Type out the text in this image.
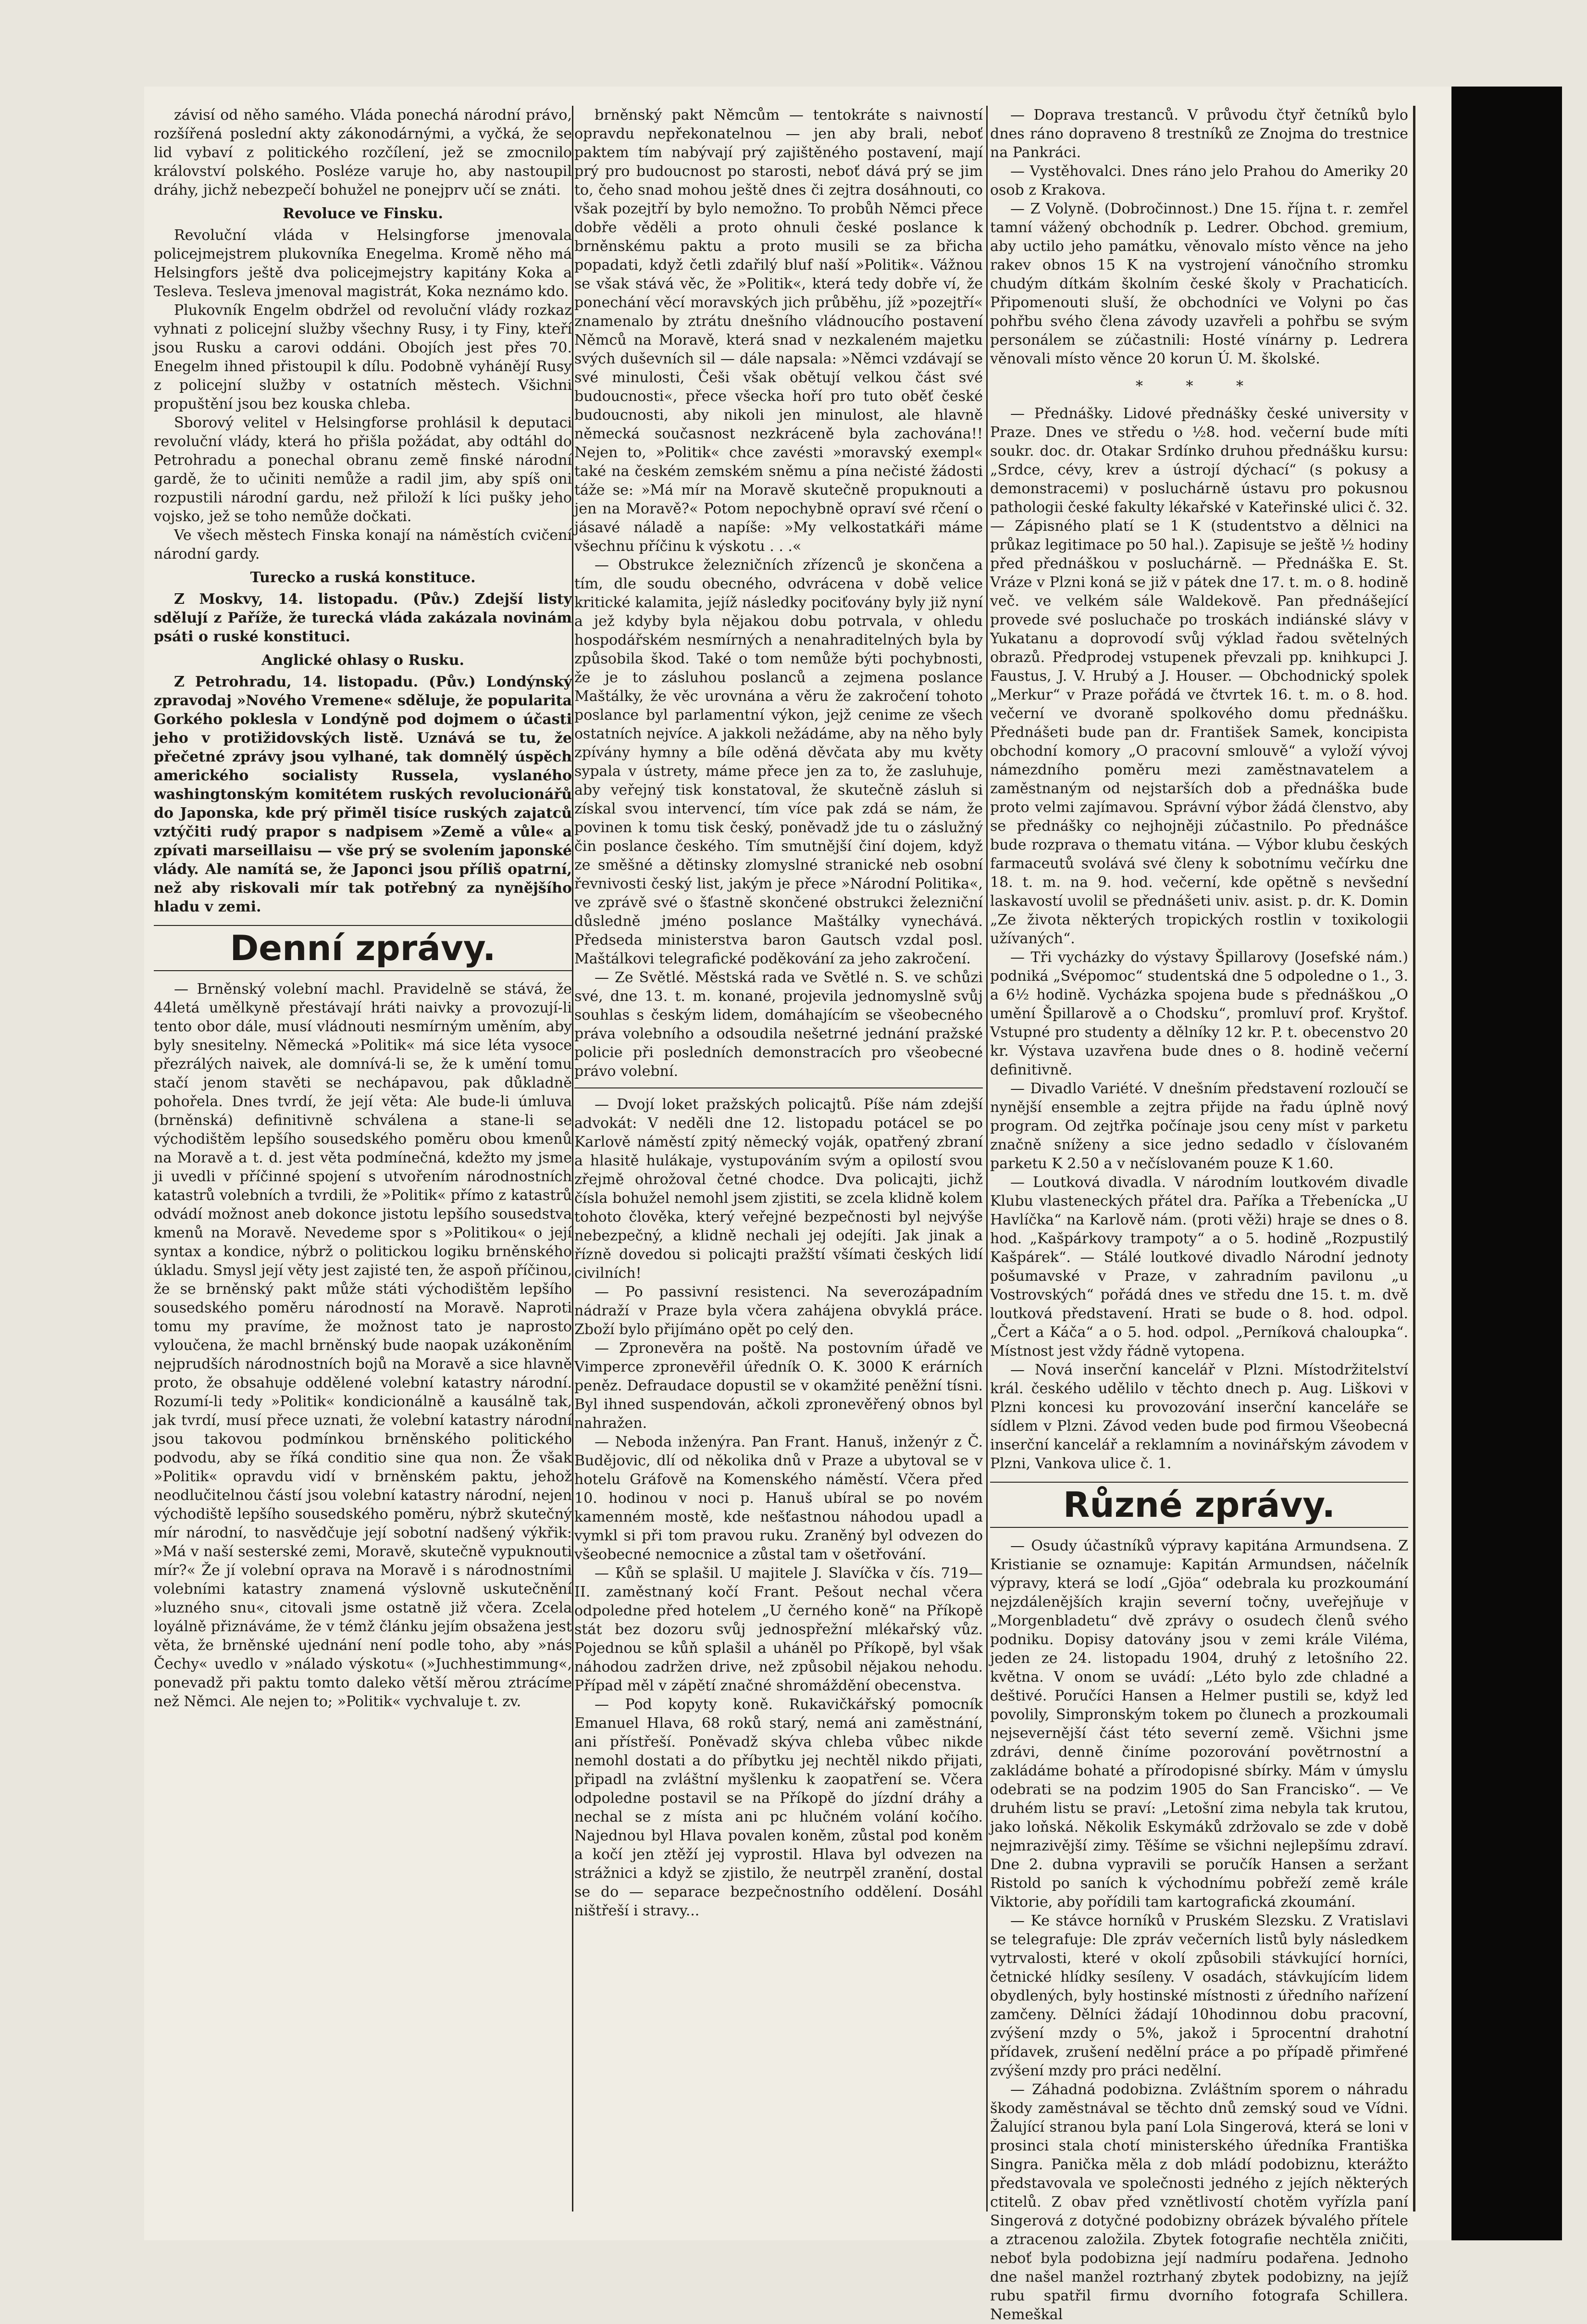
závisí od něho samého. Vláda ponechá národní právo, rozšířená poslední akty zákonodárnými, a vyčká, že se lid vybaví z politického rozčílení, jež se zmocnilo království polského. Posléze varuje ho, aby nastoupil dráhy, jichž nebezpečí bohužel ne ponejprv učí se znáti.

Revoluce ve Finsku.

Revoluční vláda v Helsingforse jmenovala policejmejstrem plukovníka Enegelma. Kromě něho má Helsingfors ještě dva policejmejstry kapitány Koka a Tesleva. Tesleva jmenoval magistrát, Koka neznámo kdo.

Plukovník Engelm obdržel od revoluční vlády rozkaz vyhnati z policejní služby všechny Rusy, i ty Finy, kteří jsou Rusku a carovi oddáni. Obojích jest přes 70. Enegelm ihned přistoupil k dílu. Podobně vyhánějí Rusy z policejní služby v ostatních městech. Všichni propuštění jsou bez kouska chleba.

Sborový velitel v Helsingforse prohlásil k deputaci revoluční vlády, která ho přišla požádat, aby odtáhl do Petrohradu a ponechal obranu země finské národní gardě, že to učiniti nemůže a radil jim, aby spíš oni rozpustili národní gardu, než přiloží k líci pušky jeho vojsko, jež se toho nemůže dočkati.

Ve všech městech Finska konají na náměstích cvičení národní gardy.

Turecko a ruská konstituce.

Z Moskvy, 14. listopadu. (Pův.) Zdejší listy sdělují z Paříže, že turecká vláda zakázala novinám psáti o ruské konstituci.

Anglické ohlasy o Rusku.

Z Petrohradu, 14. listopadu. (Pův.) Londýnský zpravodaj »Nového Vremene« sděluje, že popularita Gorkého poklesla v Londýně pod dojmem o účasti jeho v protižidovských listě. Uznává se tu, že přečetné zprávy jsou vylhané, tak domnělý úspěch amerického socialisty Russela, vyslaného washingtonským komitétem ruských revolucionářů do Japonska, kde prý přiměl tisíce ruských zajatců vztýčiti rudý prapor s nadpisem »Země a vůle« a zpívati marseillaisu — vše prý se svolením japonské vlády. Ale namítá se, že Japonci jsou příliš opatrní, než aby riskovali mír tak potřebný za nynějšího hladu v zemi.

Denní zprávy.

— Brněnský volební machl. Pravidelně se stává, že 44letá umělkyně přestávají hráti naivky a provozují-li tento obor dále, musí vládnouti nesmírným uměním, aby byly snesitelny. Německá »Politik« má sice léta vysoce přezrálých naivek, ale domnívá-li se, že k umění tomu stačí jenom stavěti se nechápavou, pak důkladně pohořela. Dnes tvrdí, že její věta: Ale bude-li úmluva (brněnská) definitivně schválena a stane-li se východištěm lepšího sousedského poměru obou kmenů na Moravě a t. d. jest věta podmínečná, kdežto my jsme ji uvedli v příčinné spojení s utvořením národnostních katastrů volebních a tvrdili, že »Politik« přímo z katastrů odvádí možnost aneb dokonce jistotu lepšího sousedstva kmenů na Moravě. Nevedeme spor s »Politikou« o její syntax a kondice, nýbrž o politickou logiku brněnského úkladu. Smysl její věty jest zajisté ten, že aspoň příčinou, že se brněnský pakt může státi východištěm lepšího sousedského poměru národností na Moravě. Naproti tomu my pravíme, že možnost tato je naprosto vyloučena, že machl brněnský bude naopak uzákoněním nejprudších národnostních bojů na Moravě a sice hlavně proto, že obsahuje oddělené volební katastry národní. Rozumí-li tedy »Politik« kondicionálně a kausálně tak, jak tvrdí, musí přece uznati, že volební katastry národní jsou takovou podmínkou brněnského politického podvodu, aby se říká conditio sine qua non. Že však »Politik« opravdu vidí v brněnském paktu, jehož neodlučitelnou částí jsou volební katastry národní, nejen východiště lepšího sousedského poměru, nýbrž skutečný mír národní, to nasvědčuje její sobotní nadšený výkřik: »Má v naší sesterské zemi, Moravě, skutečně vypuknouti mír?« Že jí volební oprava na Moravě i s národnostními volebními katastry znamená výslovně uskutečnění »luzného snu«, citovali jsme ostatně již včera. Zcela loyálně přiznáváme, že v témž článku jejím obsažena jest věta, že brněnské ujednání není podle toho, aby »nás Čechy« uvedlo v »nálado výskotu« (»Juchhestimmung«, ponevadž při paktu tomto daleko větší měrou ztrácíme než Němci. Ale nejen to; »Politik« vychvaluje t. zv.

brněnský pakt Němcům — tentokráte s naivností opravdu nepřekonatelnou — jen aby brali, neboť paktem tím nabývají prý zajištěného postavení, mají prý pro budoucnost po starosti, neboť dává prý se jim to, čeho snad mohou ještě dnes či zejtra dosáhnouti, co však pozejtří by bylo nemožno. To probůh Němci přece dobře věděli a proto ohnuli české poslance k brněnskému paktu a proto musili se za břicha popadati, když četli zdařilý bluf naší »Politik«. Vážnou se však stává věc, že »Politik«, která tedy dobře ví, že ponechání věcí moravských jich průběhu, jíž »pozejtří« znamenalo by ztrátu dnešního vládnoucího postavení Němců na Moravě, která snad v nezkaleném majetku svých duševních sil — dále napsala: »Němci vzdávají se své minulosti, Češi však obětují velkou část své budoucnosti«, přece všecka hoří pro tuto oběť české budoucnosti, aby nikoli jen minulost, ale hlavně německá současnost nezkráceně byla zachována!! Nejen to, »Politik« chce zavésti »moravský exempl« také na českém zemském sněmu a pína nečisté žádosti táže se: »Má mír na Moravě skutečně propuknouti a jen na Moravě?« Potom nepochybně opraví své rčení o jásavé náladě a napíše: »My velkostatkáři máme všechnu příčinu k výskotu . . .«

— Obstrukce železničních zřízenců je skončena a tím, dle soudu obecného, odvrácena v době velice kritické kalamita, jejíž následky pociťovány byly již nyní a jež kdyby byla nějakou dobu potrvala, v ohledu hospodářském nesmírných a nenahraditelných byla by způsobila škod. Také o tom nemůže býti pochybnosti, že je to zásluhou poslanců a zejmena poslance Maštálky, že věc urovnána a věru že zakročení tohoto poslance byl parlamentní výkon, jejž cenime ze všech ostatních nejvíce. A jakkoli nežádáme, aby na něho byly zpívány hymny a bíle oděná děvčata aby mu květy sypala v ústrety, máme přece jen za to, že zasluhuje, aby veřejný tisk konstatoval, že skutečně zásluh si získal svou intervencí, tím více pak zdá se nám, že povinen k tomu tisk český, poněvadž jde tu o záslužný čin poslance českého. Tím smutnější činí dojem, když ze směšné a dětinsky zlomyslné stranické neb osobní řevnivosti český list, jakým je přece »Národní Politika«, ve zprávě své o šťastně skončené obstrukci železniční důsledně jméno poslance Maštálky vynechává. Předseda ministerstva baron Gautsch vzdal posl. Maštálkovi telegrafické poděkování za jeho zakročení.

— Ze Světlé. Městská rada ve Světlé n. S. ve schůzi své, dne 13. t. m. konané, projevila jednomyslně svůj souhlas s českým lidem, domáhajícím se všeobecného práva volebního a odsoudila nešetrné jednání pražské policie při posledních demonstracích pro všeobecné právo volební.

— Dvojí loket pražských policajtů. Píše nám zdejší advokát: V neděli dne 12. listopadu potácel se po Karlově náměstí zpitý německý voják, opatřený zbraní a hlasitě hulákaje, vystupováním svým a opilostí svou zřejmě ohrožoval četné chodce. Dva policajti, jichž čísla bohužel nemohl jsem zjistiti, se zcela klidně kolem tohoto člověka, který veřejné bezpečnosti byl nejvýše nebezpečný, a klidně nechali jej odejíti. Jak jinak a řízně dovedou si policajti pražští všímati českých lidí civilních!

— Po passivní resistenci. Na severozápadním nádraží v Praze byla včera zahájena obvyklá práce. Zboží bylo přijímáno opět po celý den.

— Zpronevěra na poště. Na postovním úřadě ve Vimperce zpronevěřil úředník O. K. 3000 K erárních peněz. Defraudace dopustil se v okamžité peněžní tísni. Byl ihned suspendován, ačkoli zpronevěřený obnos byl nahražen.

— Neboda inženýra. Pan Frant. Hanuš, inženýr z Č. Budějovic, dlí od několika dnů v Praze a ubytoval se v hotelu Gráfově na Komenského náměstí. Včera před 10. hodinou v noci p. Hanuš ubíral se po novém kamenném mostě, kde nešťastnou náhodou upadl a vymkl si při tom pravou ruku. Zraněný byl odvezen do všeobecné nemocnice a zůstal tam v ošetřování.

— Kůň se splašil. U majitele J. Slavíčka v čís. 719—II. zaměstnaný kočí Frant. Pešout nechal včera odpoledne před hotelem „U černého koně“ na Příkopě stát bez dozoru svůj jednospřežní mlékařský vůz. Pojednou se kůň splašil a uháněl po Příkopě, byl však náhodou zadržen drive, než způsobil nějakou nehodu. Případ měl v zápětí značné shromáždění obecenstva.

— Pod kopyty koně. Rukavičkářský pomocník Emanuel Hlava, 68 roků starý, nemá ani zaměstnání, ani přístřeší. Poněvadž skýva chleba vůbec nikde nemohl dostati a do příbytku jej nechtěl nikdo přijati, připadl na zvláštní myšlenku k zaopatření se. Včera odpoledne postavil se na Příkopě do jízdní dráhy a nechal se z místa ani pc hlučném volání kočího. Najednou byl Hlava povalen koněm, zůstal pod koněm a kočí jen ztěží jej vyprostil. Hlava byl odvezen na strážnici a když se zjistilo, že neutrpěl zranění, dostal se do — separace bezpečnostního oddělení. Dosáhl ništřeší i stravy...

— Doprava trestanců. V průvodu čtyř četníků bylo dnes ráno dopraveno 8 trestníků ze Znojma do trestnice na Pankráci.

— Vystěhovalci. Dnes ráno jelo Prahou do Ameriky 20 osob z Krakova.

— Z Volyně. (Dobročinnost.) Dne 15. října t. r. zemřel tamní vážený obchodník p. Ledrer. Obchod. gremium, aby uctilo jeho památku, věnovalo místo věnce na jeho rakev obnos 15 K na vystrojení vánočního stromku chudým dítkám školním české školy v Prachaticích. Připomenouti sluší, že obchodníci ve Volyni po čas pohřbu svého člena závody uzavřeli a pohřbu se svým personálem se zúčastnili: Hosté vínárny p. Ledrera věnovali místo věnce 20 korun Ú. M. školské.

* * *

— Přednášky. Lidové přednášky české university v Praze. Dnes ve středu o ½8. hod. večerní bude míti soukr. doc. dr. Otakar Srdínko druhou přednášku kursu: „Srdce, cévy, krev a ústrojí dýchací“ (s pokusy a demonstracemi) v posluchárně ústavu pro pokusnou pathologii české fakulty lékařské v Kateřinské ulici č. 32. — Zápisného platí se 1 K (studentstvo a dělnici na průkaz legitimace po 50 hal.). Zapisuje se ještě ½ hodiny před přednáškou v posluchárně. — Přednáška E. St. Vráze v Plzni koná se již v pátek dne 17. t. m. o 8. hodině več. ve velkém sále Waldekově. Pan přednášející provede své posluchače po troskách indiánské slávy v Yukatanu a doprovodí svůj výklad řadou světelných obrazů. Předprodej vstupenek převzali pp. knihkupci J. Faustus, J. V. Hrubý a J. Houser. — Obchodnický spolek „Merkur“ v Praze pořádá ve čtvrtek 16. t. m. o 8. hod. večerní ve dvoraně spolkového domu přednášku. Přednášeti bude pan dr. František Samek, koncipista obchodní komory „O pracovní smlouvě“ a vyloží vývoj námezdního poměru mezi zaměstnavatelem a zaměstnaným od nejstarších dob a přednáška bude proto velmi zajímavou. Správní výbor žádá členstvo, aby se přednášky co nejhojněji zúčastnilo. Po přednášce bude rozprava o thematu vitána. — Výbor klubu českých farmaceutů svolává své členy k sobotnímu večírku dne 18. t. m. na 9. hod. večerní, kde opětně s nevšední laskavostí uvolil se přednášeti univ. asist. p. dr. K. Domin „Ze života některých tropických rostlin v toxikologii užívaných“.

— Tři vycházky do výstavy Špillarovy (Josefské nám.) podniká „Svépomoc“ studentská dne 5 odpoledne o 1., 3. a 6½ hodině. Vycházka spojena bude s přednáškou „O umění Špillarově a o Chodsku“, promluví prof. Kryštof. Vstupné pro studenty a dělníky 12 kr. P. t. obecenstvo 20 kr. Výstava uzavřena bude dnes o 8. hodině večerní definitivně.

— Divadlo Variété. V dnešním představení rozloučí se nynější ensemble a zejtra přijde na řadu úplně nový program. Od zejtřka počínaje jsou ceny míst v parketu značně sníženy a sice jedno sedadlo v číslovaném parketu K 2.50 a v nečíslovaném pouze K 1.60.

— Loutková divadla. V národním loutkovém divadle Klubu vlasteneckých přátel dra. Paříka a Třebenícka „U Havlíčka“ na Karlově nám. (proti věži) hraje se dnes o 8. hod. „Kašpárkovy trampoty“ a o 5. hodině „Rozpustilý Kašpárek“. — Stálé loutkové divadlo Národní jednoty pošumavské v Praze, v zahradním pavilonu „u Vostrovských“ pořádá dnes ve středu dne 15. t. m. dvě loutková představení. Hrati se bude o 8. hod. odpol. „Čert a Káča“ a o 5. hod. odpol. „Perníková chaloupka“. Místnost jest vždy řádně vytopena.

— Nová inserční kancelář v Plzni. Místodržitelství král. českého udělilo v těchto dnech p. Aug. Liškovi v Plzni koncesi ku provozování inserční kanceláře se sídlem v Plzni. Závod veden bude pod firmou Všeobecná inserční kancelář a reklamním a novinářským závodem v Plzni, Vankova ulice č. 1.

Různé zprávy.

— Osudy účastníků výpravy kapitána Armundsena. Z Kristianie se oznamuje: Kapitán Armundsen, náčelník výpravy, která se lodí „Gjöa“ odebrala ku prozkoumání nejzdálenějších krajin severní točny, uveřejňuje v „Morgenbladetu“ dvě zprávy o osudech členů svého podniku. Dopisy datovány jsou v zemi krále Viléma, jeden ze 24. listopadu 1904, druhý z letošního 22. května. V onom se uvádí: „Léto bylo zde chladné a deštivé. Poručíci Hansen a Helmer pustili se, když led povolily, Simpronským tokem po člunech a prozkoumali nejsevernější část této severní země. Všichni jsme zdrávi, denně činíme pozorování povětrnostní a zakládáme bohaté a přírodopisné sbírky. Mám v úmyslu odebrati se na podzim 1905 do San Francisko“. — Ve druhém listu se praví: „Letošní zima nebyla tak krutou, jako loňská. Několik Eskymáků zdržovalo se zde v době nejmrazivější zimy. Těšíme se všichni nejlepšímu zdraví. Dne 2. dubna vypravili se poručík Hansen a seržant Ristold po saních k východnímu pobřeží země krále Viktorie, aby pořídili tam kartografická zkoumání.

— Ke stávce horníků v Pruském Slezsku. Z Vratislavi se telegrafuje: Dle zpráv večerních listů byly následkem vytrvalosti, které v okolí způsobili stávkující horníci, četnické hlídky sesíleny. V osadách, stávkujícím lidem obydlených, byly hostinské místnosti z úředního nařízení zamčeny. Dělníci žádají 10hodinnou dobu pracovní, zvýšení mzdy o 5%, jakož i 5procentní drahotní přídavek, zrušení nedělní práce a po případě přimřené zvýšení mzdy pro práci nedělní.

— Záhadná podobizna. Zvláštním sporem o náhradu škody zaměstnával se těchto dnů zemský soud ve Vídni. Žalující stranou byla paní Lola Singerová, která se loni v prosinci stala chotí ministerského úředníka Františka Singra. Panička měla z dob mládí podobiznu, kterážto představovala ve společnosti jedného z jejích některých ctitelů. Z obav před vznětlivostí chotěm vyřízla paní Singerová z dotyčné podobizny obrázek bývalého přítele a ztracenou založila. Zbytek fotografie nechtěla zničiti, neboť byla podobizna její nadmíru podařena. Jednoho dne našel manžel roztrhaný zbytek podobizny, na jejíž rubu spatřil firmu dvorního fotografa Schillera. Nemeškal
